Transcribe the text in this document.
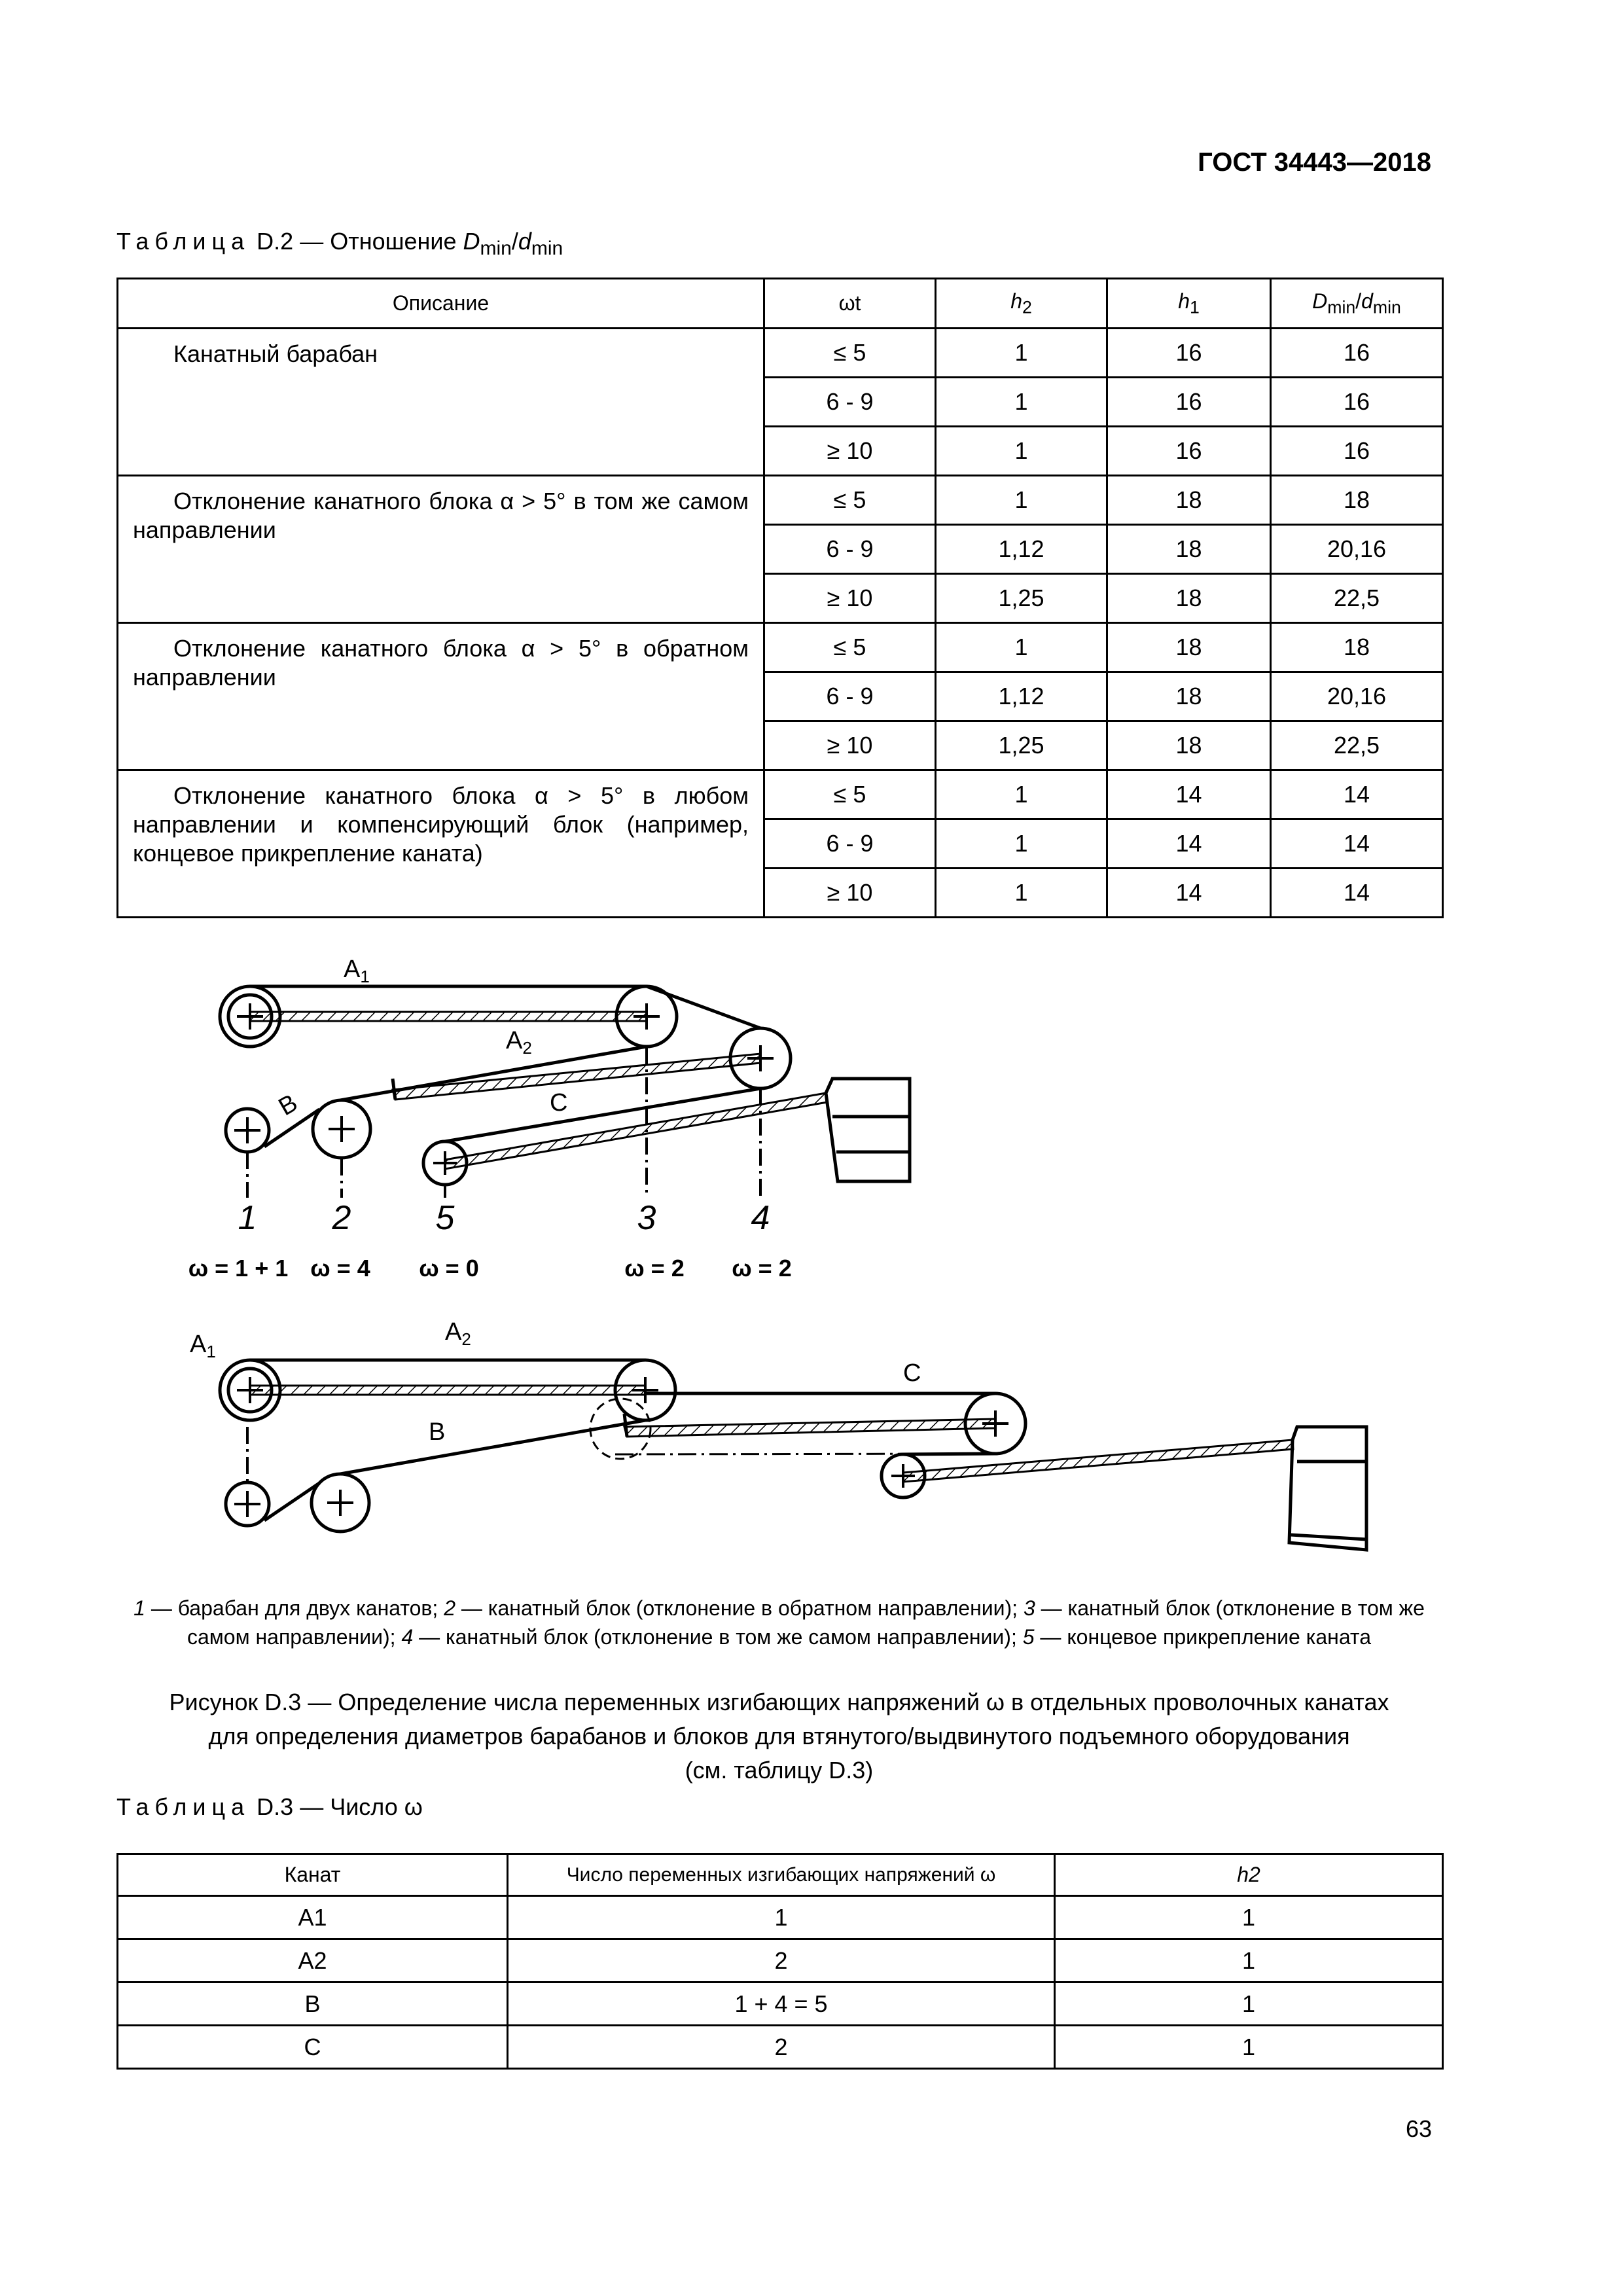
ГОСТ 34443—2018
Таблица D.2 — Отношение $D_{min}/d_{min}$
Описание	ωt	$h_2$	$h_1$	$D_{min}/d_{min}$
Канатный барабан	≤ 5	1	16	16
	6 - 9	1	16	16
	≥ 10	1	16	16
Отклонение канатного блока α > 5° в том же самом направлении	≤ 5	1	18	18
	6 - 9	1,12	18	20,16
	≥ 10	1,25	18	22,5
Отклонение канатного блока α > 5° в обратном направлении	≤ 5	1	18	18
	6 - 9	1,12	18	20,16
	≥ 10	1,25	18	22,5
Отклонение канатного блока α > 5° в любом направлении и компенсирующий блок (например, концевое прикрепление каната)	≤ 5	1	14	14
	6 - 9	1	14	14
	≥ 10	1	14	14
$A_1$
$A_2$
B	C
1 2 5	3	4
ω = 1 + 1 ω = 4 ω = 0	ω = 2 ω = 2
$A_1$
$A_2$
B
C
1 — барабан для двух канатов; 2 — канатный блок (отклонение в обратном направлении); 3 — канатный блок (отклонение в том же самом направлении); 4 — канатный блок (отклонение в том же самом направлении); 5 — концевое прикрепление каната
Рисунок D.3 — Определение числа переменных изгибающих напряжений ω в отдельных проволочных канатах
для определения диаметров барабанов и блоков для втянутого/выдвинутого подъемного оборудования
(см. таблицу D.3)
Таблица D.3 — Число ω
Канат	Число переменных изгибающих напряжений ω	h2
A1	1	1
A2	2	1
B	1 + 4 = 5	1
C	2	1
63
